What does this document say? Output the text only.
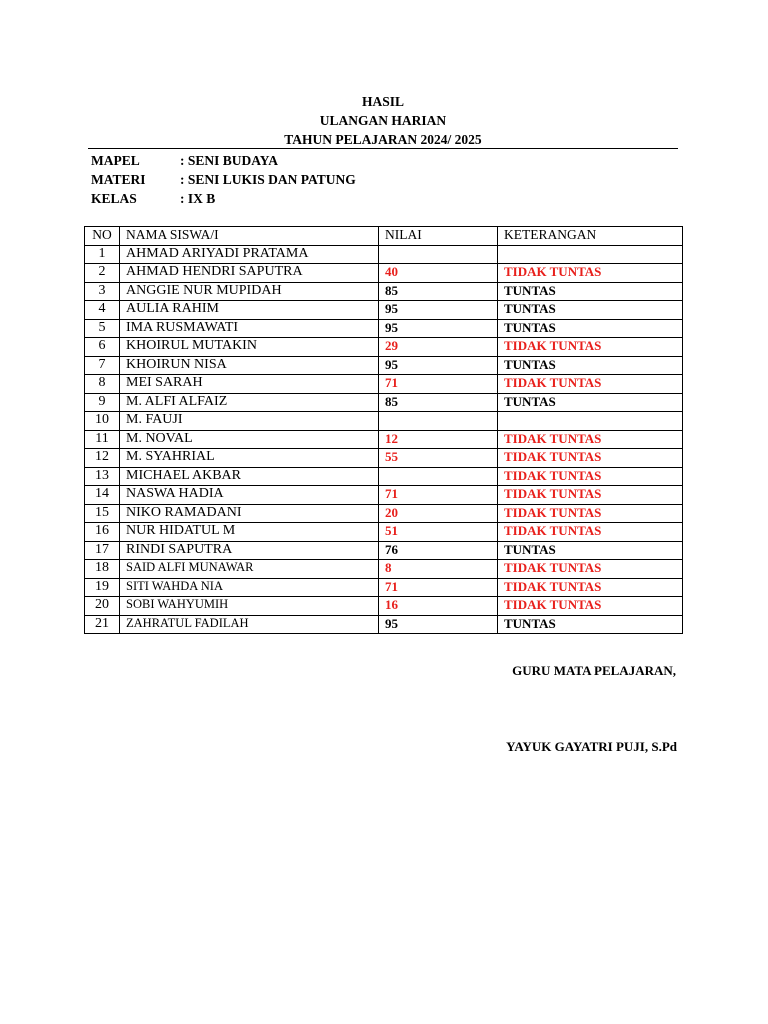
HASIL
ULANGAN HARIAN
TAHUN PELAJARAN 2024/ 2025
MAPEL	: SENI BUDAYA
MATERI	: SENI LUKIS DAN PATUNG
KELAS	: IX B
NO	NAMA SISWA/I	NILAI	KETERANGAN
1	AHMAD ARIYADI PRATAMA		
2	AHMAD HENDRI SAPUTRA	40	TIDAK TUNTAS
3	ANGGIE NUR MUPIDAH	85	TUNTAS
4	AULIA RAHIM	95	TUNTAS
5	IMA RUSMAWATI	95	TUNTAS
6	KHOIRUL MUTAKIN	29	TIDAK TUNTAS
7	KHOIRUN NISA	95	TUNTAS
8	MEI SARAH	71	TIDAK TUNTAS
9	M. ALFI ALFAIZ	85	TUNTAS
10	M. FAUJI		
11	M. NOVAL	12	TIDAK TUNTAS
12	M. SYAHRIAL	55	TIDAK TUNTAS
13	MICHAEL AKBAR		TIDAK TUNTAS
14	NASWA HADIA	71	TIDAK TUNTAS
15	NIKO RAMADANI	20	TIDAK TUNTAS
16	NUR HIDATUL M	51	TIDAK TUNTAS
17	RINDI SAPUTRA	76	TUNTAS
18	SAID ALFI MUNAWAR	8	TIDAK TUNTAS
19	SITI WAHDA NIA	71	TIDAK TUNTAS
20	SOBI WAHYUMIH	16	TIDAK TUNTAS
21	ZAHRATUL FADILAH	95	TUNTAS
GURU MATA PELAJARAN,
YAYUK GAYATRI PUJI, S.Pd
